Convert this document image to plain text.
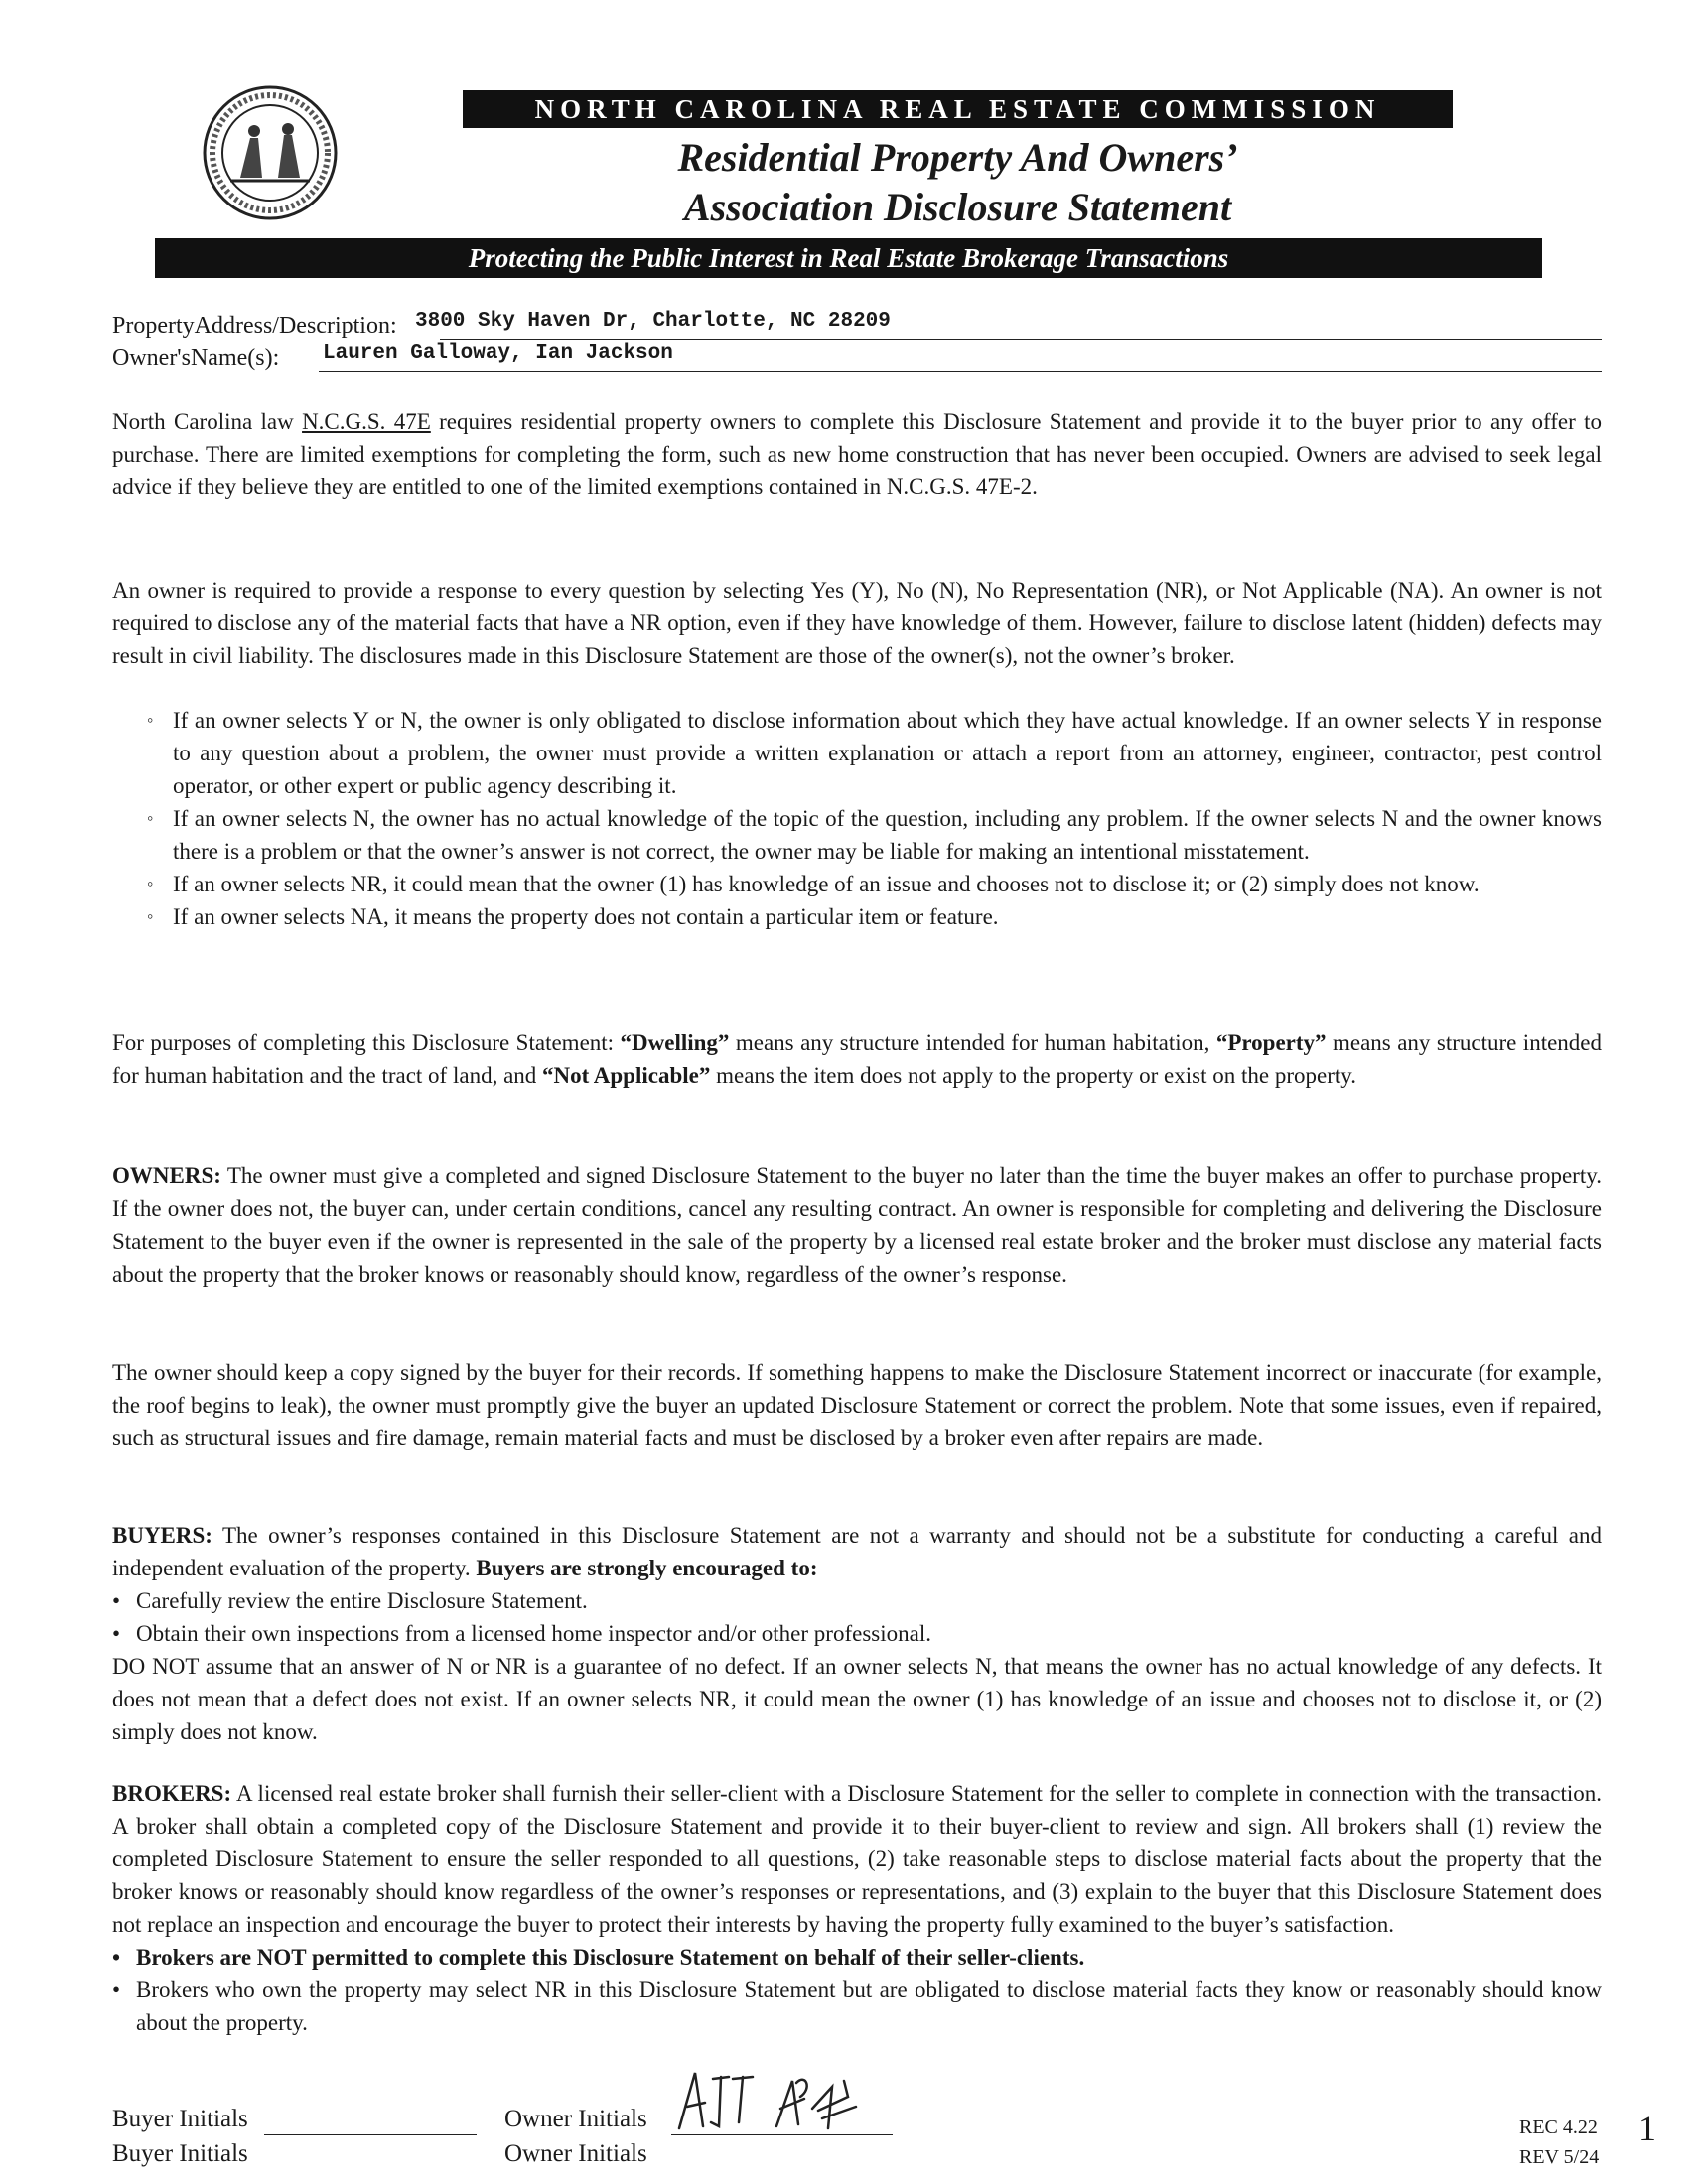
NORTH CAROLINA REAL ESTATE COMMISSION
Residential Property And Owners’
Association Disclosure Statement
Protecting the Public Interest in Real Estate Brokerage Transactions
PropertyAddress/Description: 3800 Sky Haven Dr, Charlotte, NC 28209
Owner'sName(s): Lauren Galloway, Ian Jackson

North Carolina law N.C.G.S. 47E requires residential property owners to complete this Disclosure Statement and provide it to the buyer prior to any offer to purchase. There are limited exemptions for completing the form, such as new home construction that has never been occupied. Owners are advised to seek legal advice if they believe they are entitled to one of the limited exemptions contained in N.C.G.S. 47E-2.

An owner is required to provide a response to every question by selecting Yes (Y), No (N), No Representation (NR), or Not Applicable (NA). An owner is not required to disclose any of the material facts that have a NR option, even if they have knowledge of them. However, failure to disclose latent (hidden) defects may result in civil liability. The disclosures made in this Disclosure Statement are those of the owner(s), not the owner’s broker.

◦ If an owner selects Y or N, the owner is only obligated to disclose information about which they have actual knowledge. If an owner selects Y in response to any question about a problem, the owner must provide a written explanation or attach a report from an attorney, engineer, contractor, pest control operator, or other expert or public agency describing it.
◦ If an owner selects N, the owner has no actual knowledge of the topic of the question, including any problem. If the owner selects N and the owner knows there is a problem or that the owner’s answer is not correct, the owner may be liable for making an intentional misstatement.
◦ If an owner selects NR, it could mean that the owner (1) has knowledge of an issue and chooses not to disclose it; or (2) simply does not know.
◦ If an owner selects NA, it means the property does not contain a particular item or feature.

For purposes of completing this Disclosure Statement: “Dwelling” means any structure intended for human habitation, “Property” means any structure intended for human habitation and the tract of land, and “Not Applicable” means the item does not apply to the property or exist on the property.

OWNERS: The owner must give a completed and signed Disclosure Statement to the buyer no later than the time the buyer makes an offer to purchase property. If the owner does not, the buyer can, under certain conditions, cancel any resulting contract. An owner is responsible for completing and delivering the Disclosure Statement to the buyer even if the owner is represented in the sale of the property by a licensed real estate broker and the broker must disclose any material facts about the property that the broker knows or reasonably should know, regardless of the owner’s response.

The owner should keep a copy signed by the buyer for their records. If something happens to make the Disclosure Statement incorrect or inaccurate (for example, the roof begins to leak), the owner must promptly give the buyer an updated Disclosure Statement or correct the problem. Note that some issues, even if repaired, such as structural issues and fire damage, remain material facts and must be disclosed by a broker even after repairs are made.

BUYERS: The owner’s responses contained in this Disclosure Statement are not a warranty and should not be a substitute for conducting a careful and independent evaluation of the property. Buyers are strongly encouraged to:

• Carefully review the entire Disclosure Statement.
• Obtain their own inspections from a licensed home inspector and/or other professional.

DO NOT assume that an answer of N or NR is a guarantee of no defect. If an owner selects N, that means the owner has no actual knowledge of any defects. It does not mean that a defect does not exist. If an owner selects NR, it could mean the owner (1) has knowledge of an issue and chooses not to disclose it, or (2) simply does not know.

BROKERS: A licensed real estate broker shall furnish their seller-client with a Disclosure Statement for the seller to complete in connection with the transaction. A broker shall obtain a completed copy of the Disclosure Statement and provide it to their buyer-client to review and sign. All brokers shall (1) review the completed Disclosure Statement to ensure the seller responded to all questions, (2) take reasonable steps to disclose material facts about the property that the broker knows or reasonably should know regardless of the owner’s responses or representations, and (3) explain to the buyer that this Disclosure Statement does not replace an inspection and encourage the buyer to protect their interests by having the property fully examined to the buyer’s satisfaction.

• Brokers are NOT permitted to complete this Disclosure Statement on behalf of their seller-clients.
• Brokers who own the property may select NR in this Disclosure Statement but are obligated to disclose material facts they know or reasonably should know about the property.
Buyer Initials	Owner Initials
Buyer Initials	Owner Initials
REC 4.22
REV 5/24
1
